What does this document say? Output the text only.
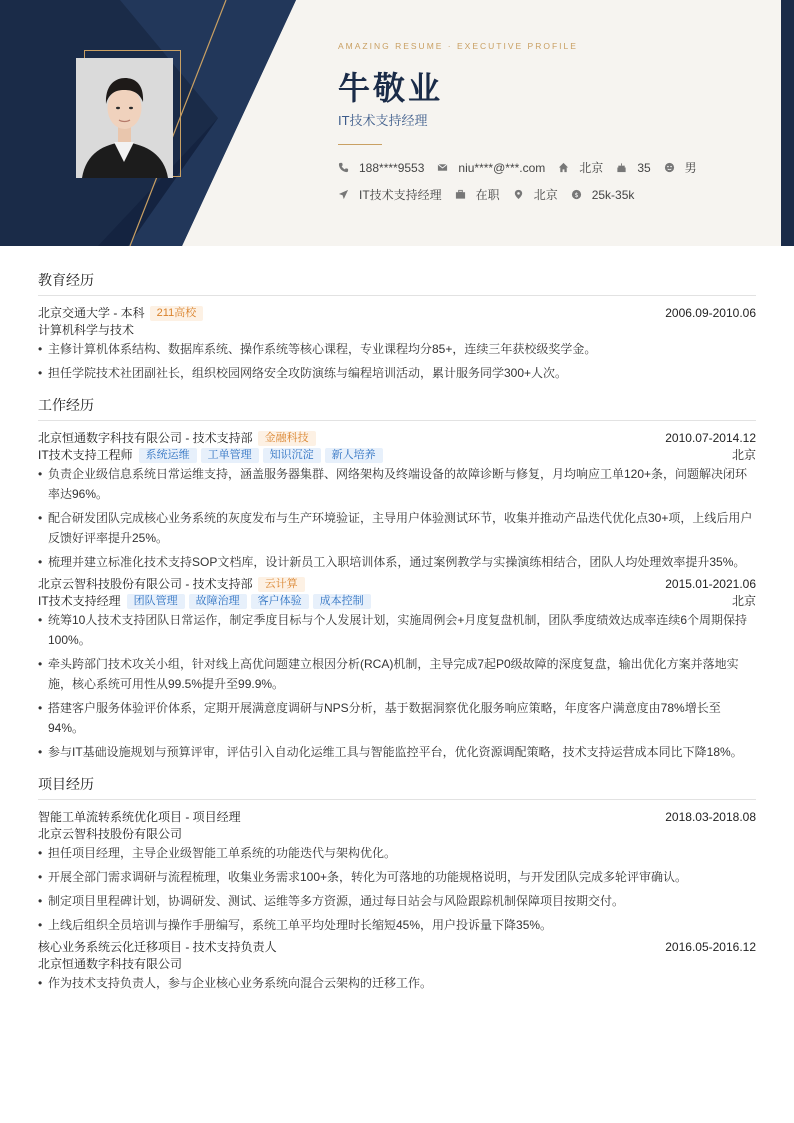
AMAZING RESUME · EXECUTIVE PROFILE
牛敬业
IT技术支持经理
188****9553	niu****@***.com	北京	35	男
IT技术支持经理	在职	北京 $ 25k-35k
教育经历
北京交通大学 - 本科	211高校	2006.09-2010.06
计算机科学与技术
• 主修计算机体系结构、数据库系统、操作系统等核心课程，专业课程均分85+，连续三年获校级奖学金。
• 担任学院技术社团副社长，组织校园网络安全攻防演练与编程培训活动，累计服务同学300+人次。
工作经历
北京恒通数字科技有限公司 - 技术支持部	金融科技	2010.07-2014.12
IT技术支持工程师	系统运维	工单管理	知识沉淀	新人培养	北京
• 负责企业级信息系统日常运维支持，涵盖服务器集群、网络架构及终端设备的故障诊断与修复，月均响应工单120+条，问题解决闭环率达96%。
• 配合研发团队完成核心业务系统的灰度发布与生产环境验证，主导用户体验测试环节，收集并推动产品迭代优化点30+项，上线后用户反馈好评率提升25%。
• 梳理并建立标准化技术支持SOP文档库，设计新员工入职培训体系，通过案例教学与实操演练相结合，团队人均处理效率提升35%。
北京云智科技股份有限公司 - 技术支持部	云计算	2015.01-2021.06
IT技术支持经理	团队管理	故障治理	客户体验	成本控制	北京
• 统筹10人技术支持团队日常运作，制定季度目标与个人发展计划，实施周例会+月度复盘机制，团队季度绩效达成率连续6个周期保持100%。
• 牵头跨部门技术攻关小组，针对线上高优问题建立根因分析(RCA)机制，主导完成7起P0级故障的深度复盘，输出优化方案并落地实施，核心系统可用性从99.5%提升至99.9%。
• 搭建客户服务体验评价体系，定期开展满意度调研与NPS分析，基于数据洞察优化服务响应策略，年度客户满意度由78%增长至94%。
• 参与IT基础设施规划与预算评审，评估引入自动化运维工具与智能监控平台，优化资源调配策略，技术支持运营成本同比下降18%。
项目经历
智能工单流转系统优化项目 - 项目经理	2018.03-2018.08
北京云智科技股份有限公司
• 担任项目经理，主导企业级智能工单系统的功能迭代与架构优化。
• 开展全部门需求调研与流程梳理，收集业务需求100+条，转化为可落地的功能规格说明，与开发团队完成多轮评审确认。
• 制定项目里程碑计划，协调研发、测试、运维等多方资源，通过每日站会与风险跟踪机制保障项目按期交付。
• 上线后组织全员培训与操作手册编写，系统工单平均处理时长缩短45%，用户投诉量下降35%。
核心业务系统云化迁移项目 - 技术支持负责人	2016.05-2016.12
北京恒通数字科技有限公司
• 作为技术支持负责人，参与企业核心业务系统向混合云架构的迁移工作。
